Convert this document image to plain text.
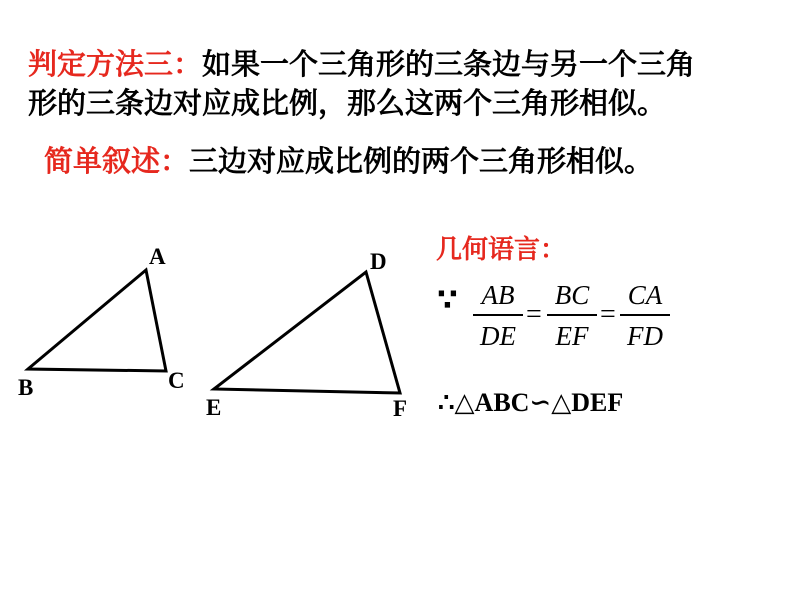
判定方法三：如果一个三角形的三条边与另一个三角
形的三条边对应成比例，那么这两个三角形相似。
简单叙述：三边对应成比例的两个三角形相似。
A
B	C
D
E	F
几何语言：
∵ AB
DE
=
BC
EF
=
CA
FD
∴△ABC∽△DEF
